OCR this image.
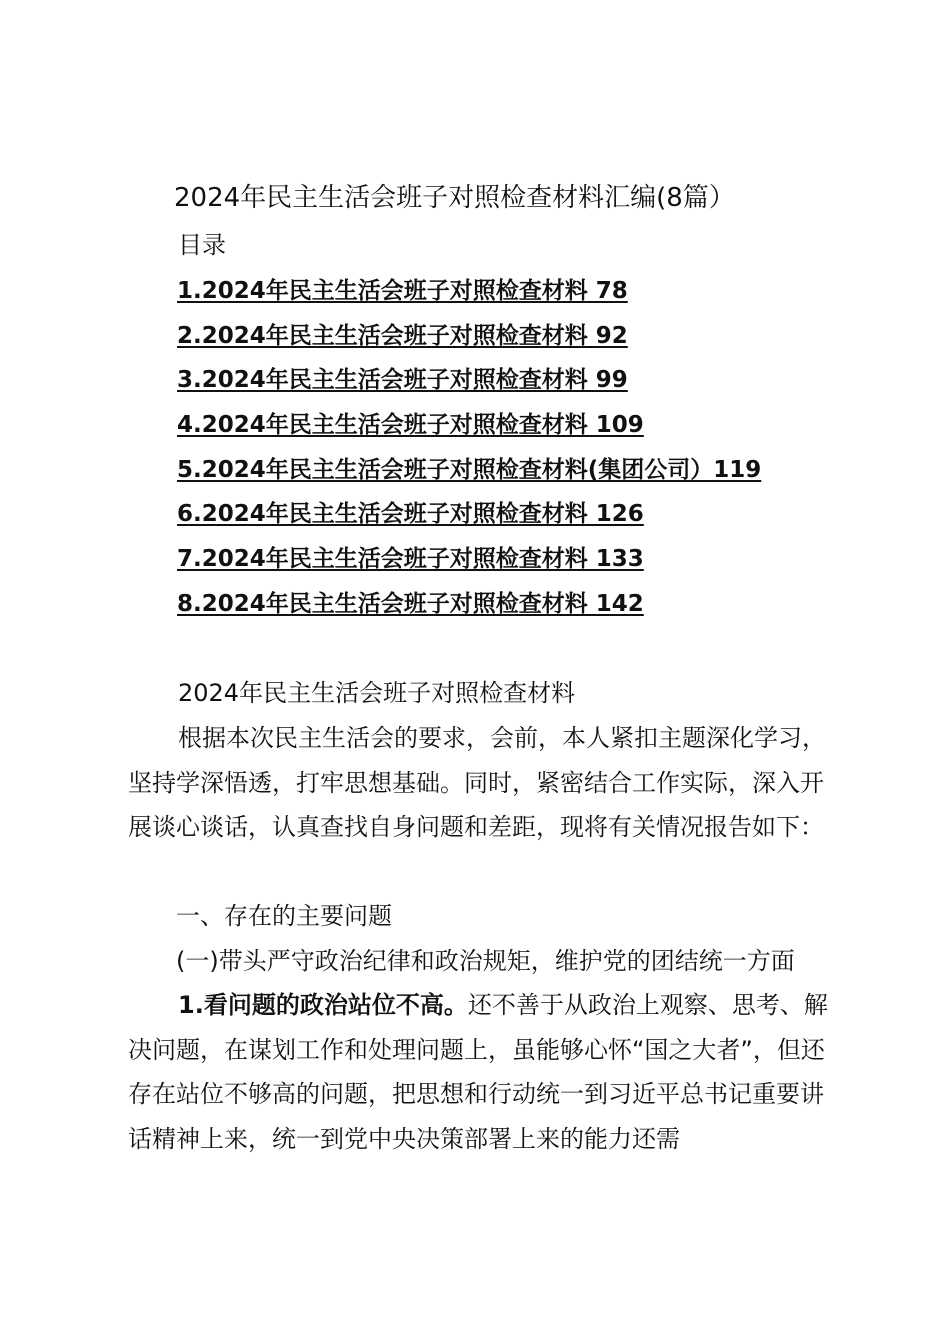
2024年民主生活会班子对照检查材料汇编(8篇）
目录
1.2024年民主生活会班子对照检查材料 78
2.2024年民主生活会班子对照检查材料 92
3.2024年民主生活会班子对照检查材料 99
4.2024年民主生活会班子对照检查材料 109
5.2024年民主生活会班子对照检查材料(集团公司）119
6.2024年民主生活会班子对照检查材料 126
7.2024年民主生活会班子对照检查材料 133
8.2024年民主生活会班子对照检查材料 142
2024年民主生活会班子对照检查材料

根据本次民主生活会的要求，会前，本人紧扣主题深化学习，坚持学深悟透，打牢思想基础。同时，紧密结合工作实际，深入开展谈心谈话，认真查找自身问题和差距，现将有关情况报告如下：

一、存在的主要问题
(一)带头严守政治纪律和政治规矩，维护党的团结统一方面

1.看问题的政治站位不高。还不善于从政治上观察、思考、解决问题，在谋划工作和处理问题上，虽能够心怀“国之大者”，但还存在站位不够高的问题，把思想和行动统一到习近平总书记重要讲话精神上来，统一到党中央决策部署上来的能力还需
